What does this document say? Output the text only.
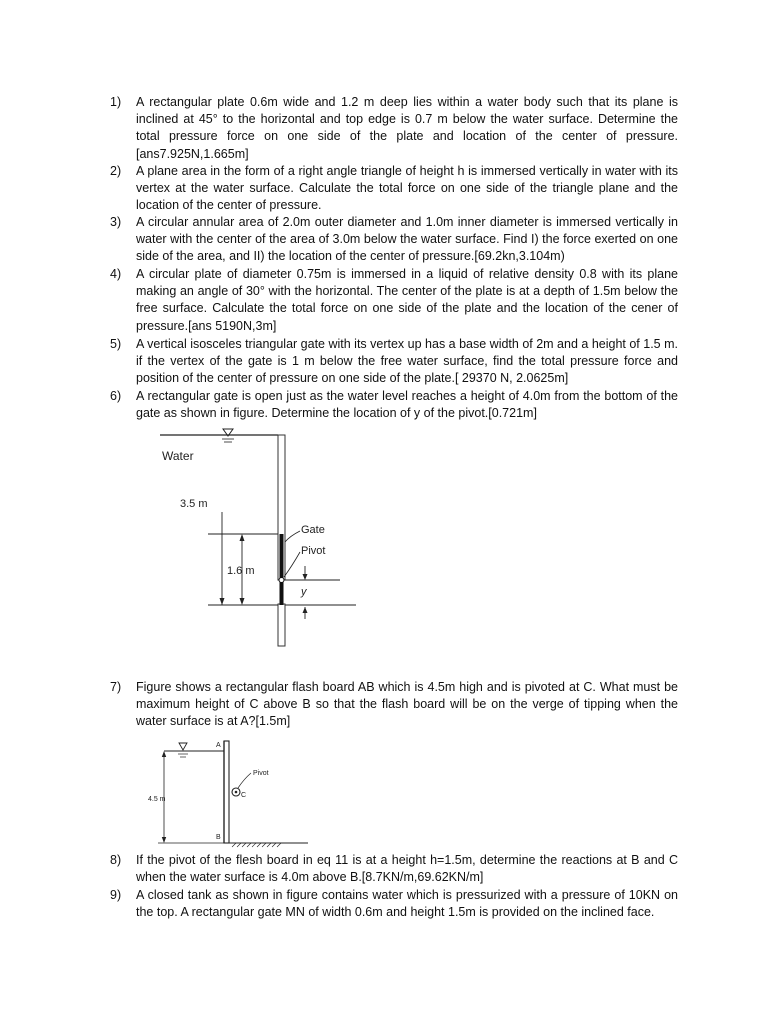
1)	A rectangular plate 0.6m wide and 1.2 m deep lies within a water body such that its plane is inclined at 45° to the horizontal and top edge is 0.7 m below the water surface. Determine the total pressure force on one side of the plate and location of the center of pressure.[ans7.925N,1.665m]
2)	A plane area in the form of a right angle triangle of height h is immersed vertically in water with its vertex at the water surface. Calculate the total force on one side of the triangle plane and the location of the center of pressure.
3)	A circular annular area of 2.0m outer diameter and 1.0m inner diameter is immersed vertically in water with the center of the area of 3.0m below the water surface. Find I) the force exerted on one side of the area, and II) the location of the center of pressure.[69.2kn,3.104m)
4)	A circular plate of diameter 0.75m is immersed in a liquid of relative density 0.8 with its plane making an angle of 30° with the horizontal. The center of the plate is at a depth of 1.5m below the free surface. Calculate the total force on one side of the plate and the location of the cener of pressure.[ans 5190N,3m]
5)	A vertical isosceles triangular gate with its vertex up has a base width of 2m and a height of 1.5 m. if the vertex of the gate is 1 m below the free water surface, find the total pressure force and position of the center of pressure on one side of the plate.[ 29370 N, 2.0625m]
6)	A rectangular gate is open just as the water level reaches a height of 4.0m from the bottom of the gate as shown in figure. Determine the location of y of the pivot.[0.721m]
Water
3.5 m
Gate
Pivot
1.6 m
y
7)	Figure shows a rectangular flash board AB which is 4.5m high and is pivoted at C. What must be maximum height of C above B so that the flash board will be on the verge of tipping when the water surface is at A?[1.5m]
A
B
C
Pivot
4.5 m
8)	If the pivot of the flesh board in eq 11 is at a height h=1.5m, determine the reactions at B and C when the water surface is 4.0m above B.[8.7KN/m,69.62KN/m]
9)	A closed tank as shown in figure contains water which is pressurized with a pressure of 10KN on the top. A rectangular gate MN of width 0.6m and height 1.5m is provided on the inclined face.
